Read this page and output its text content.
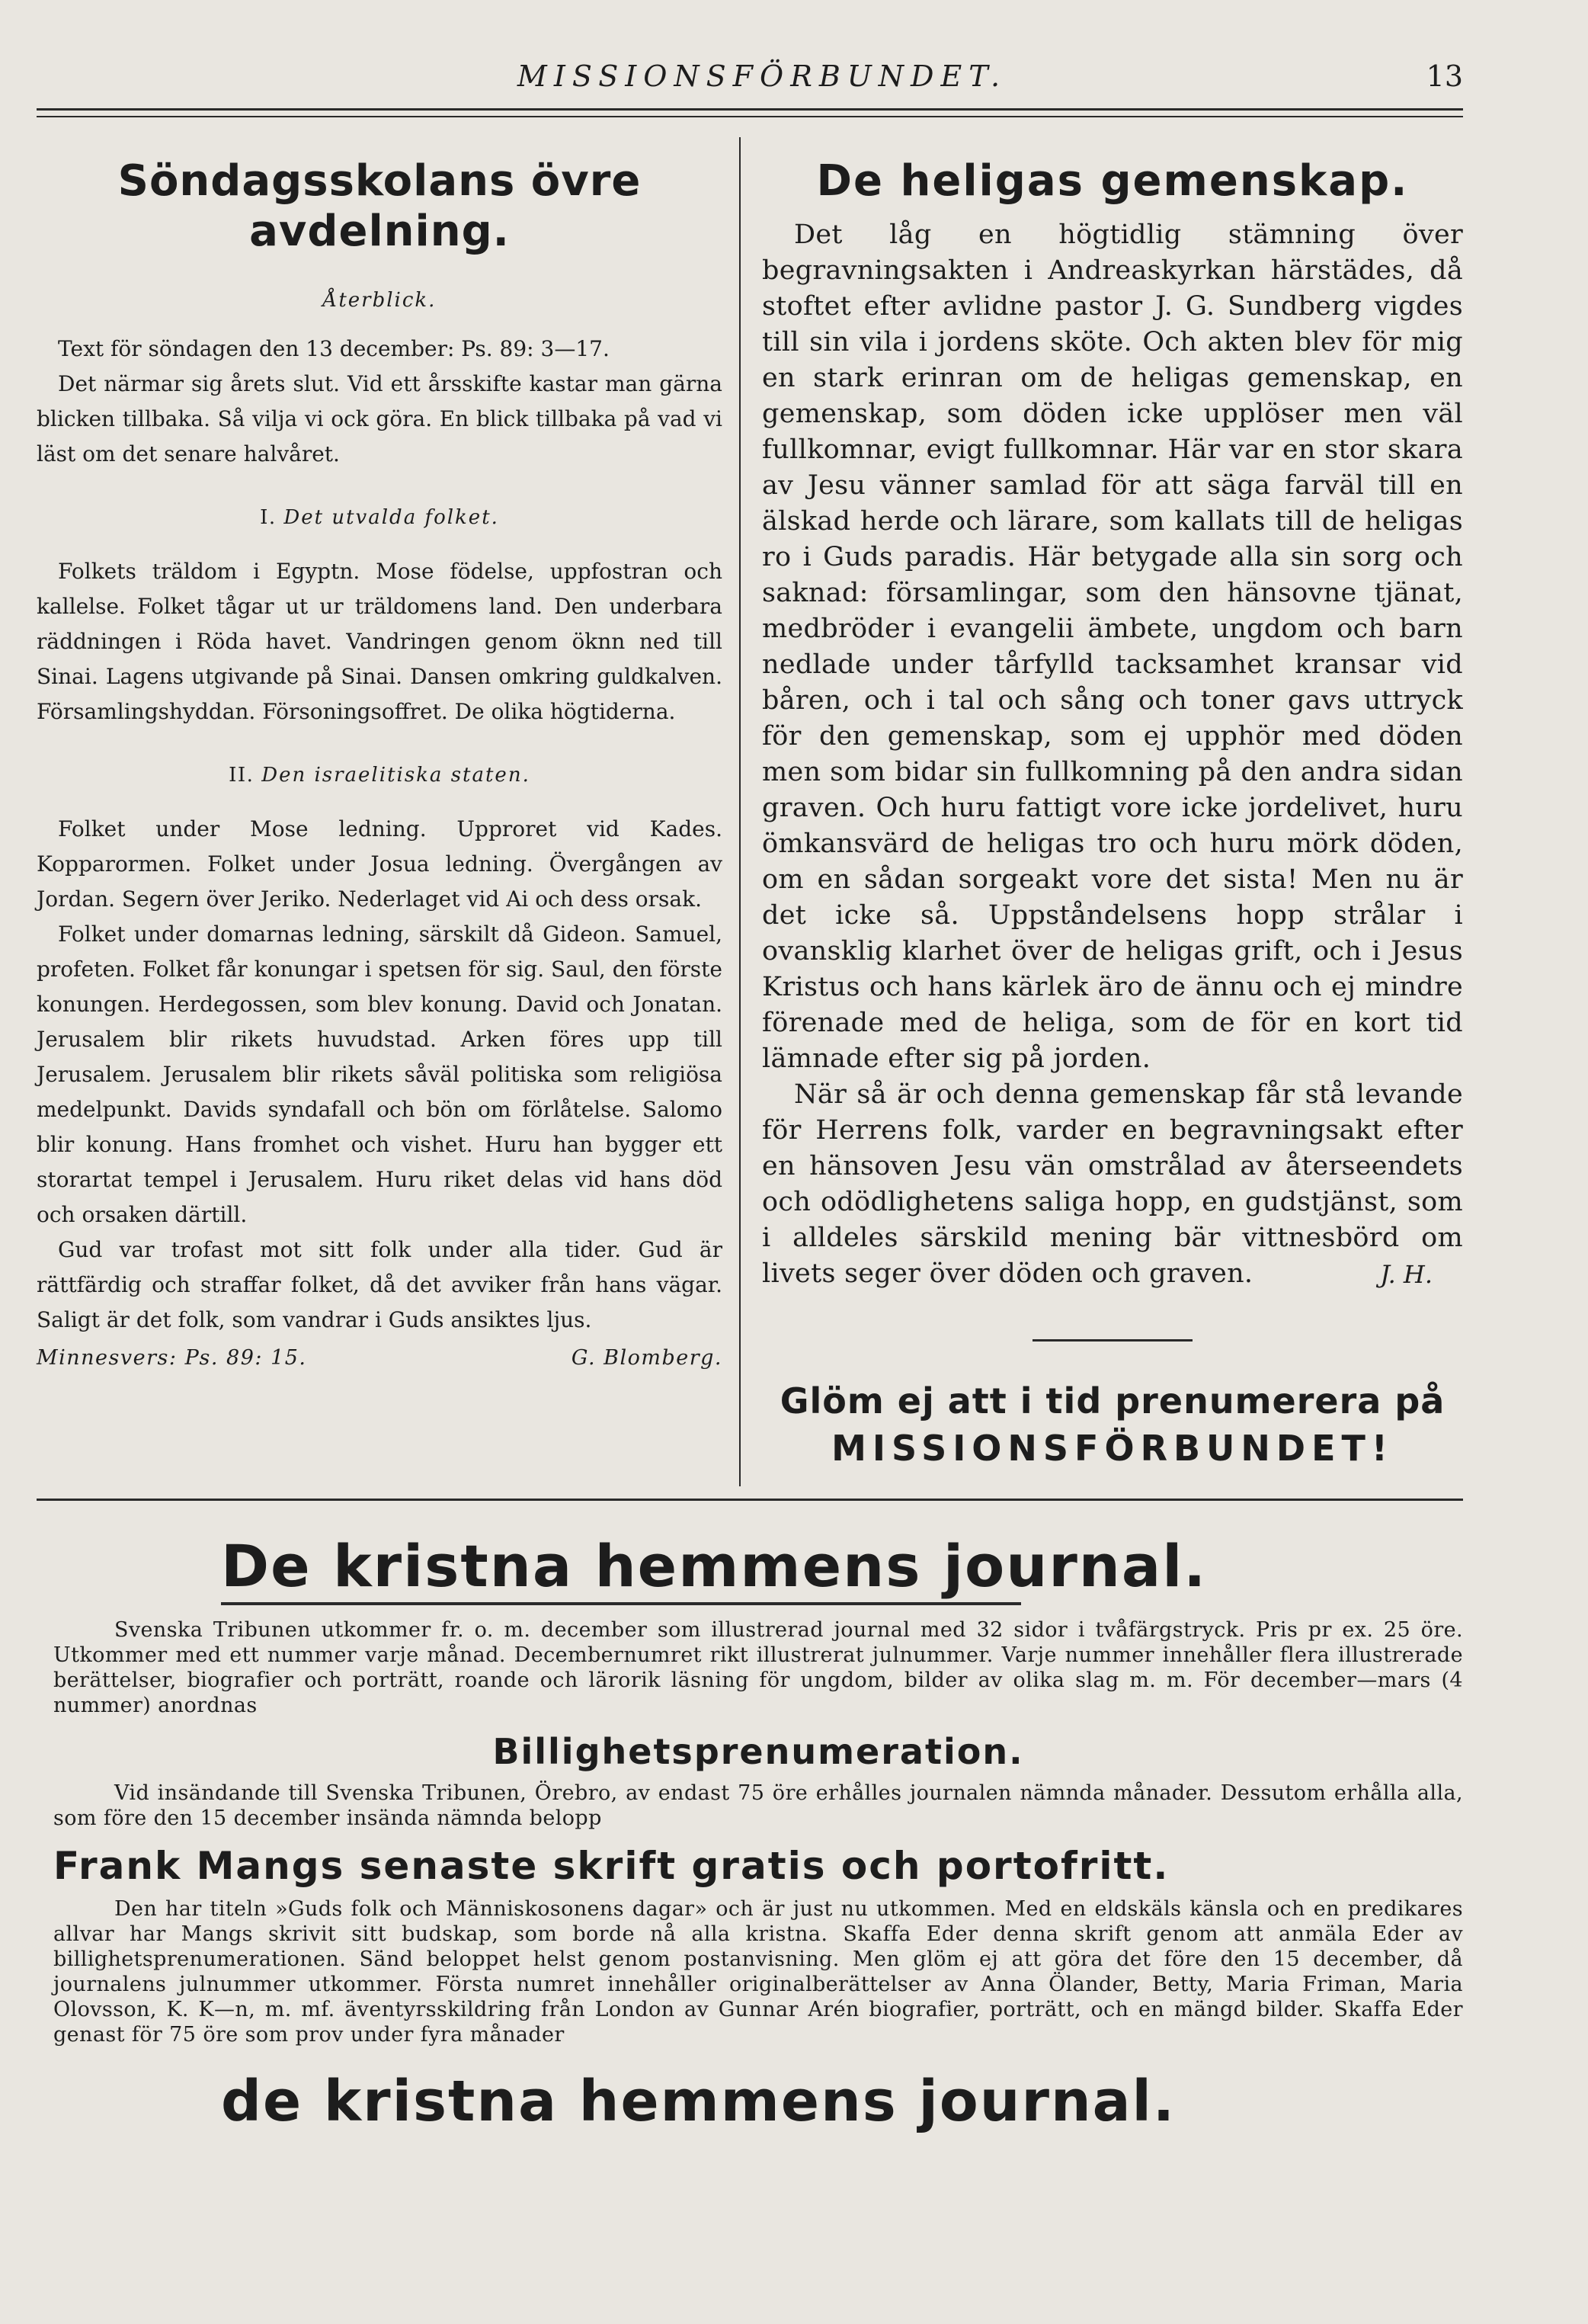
MISSIONSFÖRBUNDET.	13
Söndagsskolans övre avdelning.
Återblick.

Text för söndagen den 13 december: Ps. 89: 3—17.

Det närmar sig årets slut. Vid ett årsskifte kastar man gärna blicken tillbaka. Så vilja vi ock göra. En blick tillbaka på vad vi läst om det senare halvåret.

I. Det utvalda folket.

Folkets träldom i Egyptn. Mose födelse, uppfostran och kallelse. Folket tågar ut ur träldomens land. Den underbara räddningen i Röda havet. Vandringen genom öknn ned till Sinai. Lagens utgivande på Sinai. Dansen omkring guldkalven. Församlingshyddan. Försoningsoffret. De olika högtiderna.

II. Den israelitiska staten.

Folket under Mose ledning. Upproret vid Kades. Kopparormen. Folket under Josua ledning. Övergången av Jordan. Segern över Jeriko. Nederlaget vid Ai och dess orsak.

Folket under domarnas ledning, särskilt då Gideon. Samuel, profeten. Folket får konungar i spetsen för sig. Saul, den förste konungen. Herdegossen, som blev konung. David och Jonatan. Jerusalem blir rikets huvudstad. Arken föres upp till Jerusalem. Jerusalem blir rikets såväl politiska som religiösa medelpunkt. Davids syndafall och bön om förlåtelse. Salomo blir konung. Hans fromhet och vishet. Huru han bygger ett storartat tempel i Jerusalem. Huru riket delas vid hans död och orsaken därtill.

Gud var trofast mot sitt folk under alla tider. Gud är rättfärdig och straffar folket, då det avviker från hans vägar. Saligt är det folk, som vandrar i Guds ansiktes ljus.

Minnesvers: Ps. 89: 15.	G. Blomberg.
De heligas gemenskap.

Det låg en högtidlig stämning över begravningsakten i Andreaskyrkan härstädes, då stoftet efter avlidne pastor J. G. Sundberg vigdes till sin vila i jordens sköte. Och akten blev för mig en stark erinran om de heligas gemenskap, en gemenskap, som döden icke upplöser men väl fullkomnar, evigt fullkomnar. Här var en stor skara av Jesu vänner samlad för att säga farväl till en älskad herde och lärare, som kallats till de heligas ro i Guds paradis. Här betygade alla sin sorg och saknad: församlingar, som den hänsovne tjänat, medbröder i evangelii ämbete, ungdom och barn nedlade under tårfylld tacksamhet kransar vid båren, och i tal och sång och toner gavs uttryck för den gemenskap, som ej upphör med döden men som bidar sin fullkomning på den andra sidan graven. Och huru fattigt vore icke jordelivet, huru ömkansvärd de heligas tro och huru mörk döden, om en sådan sorgeakt vore det sista! Men nu är det icke så. Uppståndelsens hopp strålar i ovansklig klarhet över de heligas grift, och i Jesus Kristus och hans kärlek äro de ännu och ej mindre förenade med de heliga, som de för en kort tid lämnade efter sig på jorden.

När så är och denna gemenskap får stå levande för Herrens folk, varder en begravningsakt efter en hänsoven Jesu vän omstrålad av återseendets och odödlighetens saliga hopp, en gudstjänst, som i alldeles särskild mening bär vittnesbörd om livets seger över döden och graven.	J. H.
Glöm ej att i tid prenumerera på
MISSIONSFÖRBUNDET!
De kristna hemmens journal.

Svenska Tribunen utkommer fr. o. m. december som illustrerad journal med 32 sidor i tvåfärgstryck. Pris pr ex. 25 öre. Utkommer med ett nummer varje månad. Decembernumret rikt illustrerat julnummer. Varje nummer innehåller flera illustrerade berättelser, biografier och porträtt, roande och lärorik läsning för ungdom, bilder av olika slag m. m. För december—mars (4 nummer) anordnas

Billighetsprenumeration.

Vid insändande till Svenska Tribunen, Örebro, av endast 75 öre erhålles journalen nämnda månader. Dessutom erhålla alla, som före den 15 december insända nämnda belopp

Frank Mangs senaste skrift gratis och portofritt.

Den har titeln »Guds folk och Människosonens dagar» och är just nu utkommen. Med en eldskäls känsla och en predikares allvar har Mangs skrivit sitt budskap, som borde nå alla kristna. Skaffa Eder denna skrift genom att anmäla Eder av billighetsprenumerationen. Sänd beloppet helst genom postanvisning. Men glöm ej att göra det före den 15 december, då journalens julnummer utkommer. Första numret innehåller originalberättelser av Anna Ölander, Betty, Maria Friman, Maria Olovsson, K. K—n, m. mf. äventyrsskildring från London av Gunnar Arén biografier, porträtt, och en mängd bilder. Skaffa Eder genast för 75 öre som prov under fyra månader

de kristna hemmens journal.
